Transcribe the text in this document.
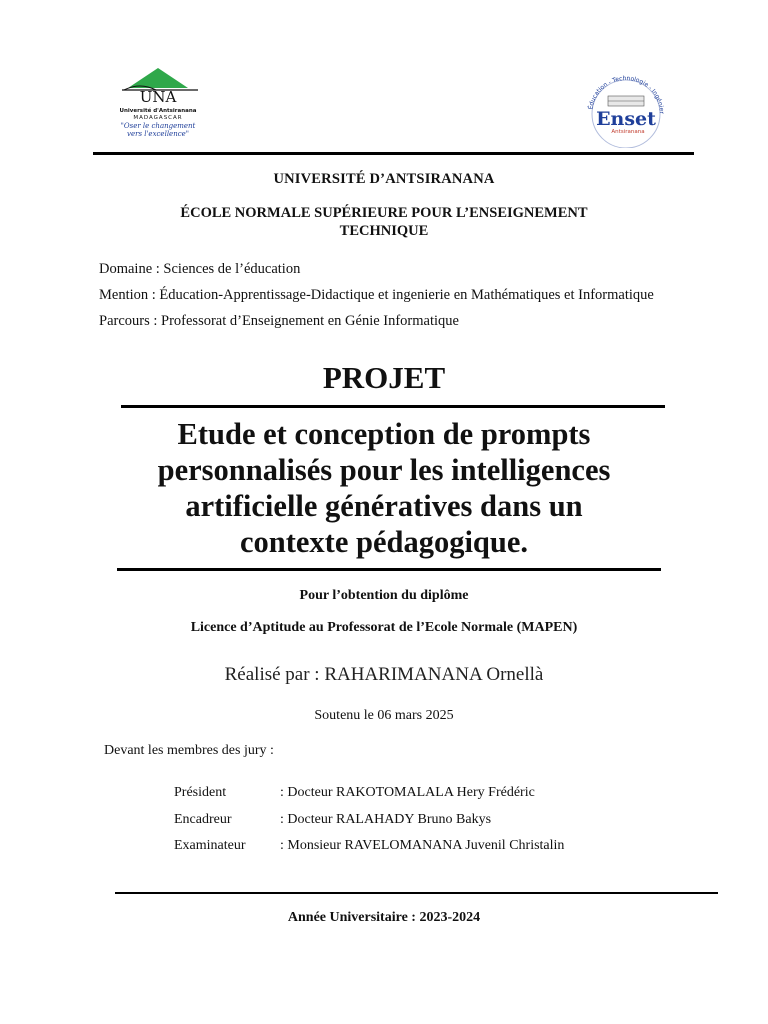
UNA
Université d'Antsiranana
MADAGASCAR
"Oser le changement
vers l'excellence"
Éducation - Technologie - Ingénier
Enset
Antsiranana
UNIVERSITÉ D’ANTSIRANANA
ÉCOLE NORMALE SUPÉRIEURE POUR L’ENSEIGNEMENT
TECHNIQUE
Domaine : Sciences de l’éducation
Mention : Éducation-Apprentissage-Didactique et ingenierie en Mathématiques et Informatique
Parcours : Professorat d’Enseignement en Génie Informatique
PROJET
Etude et conception de prompts
personnalisés pour les intelligences
artificielle génératives dans un
contexte pédagogique.
Pour l’obtention du diplôme
Licence d’Aptitude au Professorat de l’Ecole Normale (MAPEN)
Réalisé par : RAHARIMANANA Ornellà
Soutenu le 06 mars 2025
Devant les membres des jury :
Président	: Docteur RAKOTOMALALA Hery Frédéric
Encadreur	: Docteur RALAHADY Bruno Bakys
Examinateur	: Monsieur RAVELOMANANA Juvenil Christalin
Année Universitaire : 2023-2024
